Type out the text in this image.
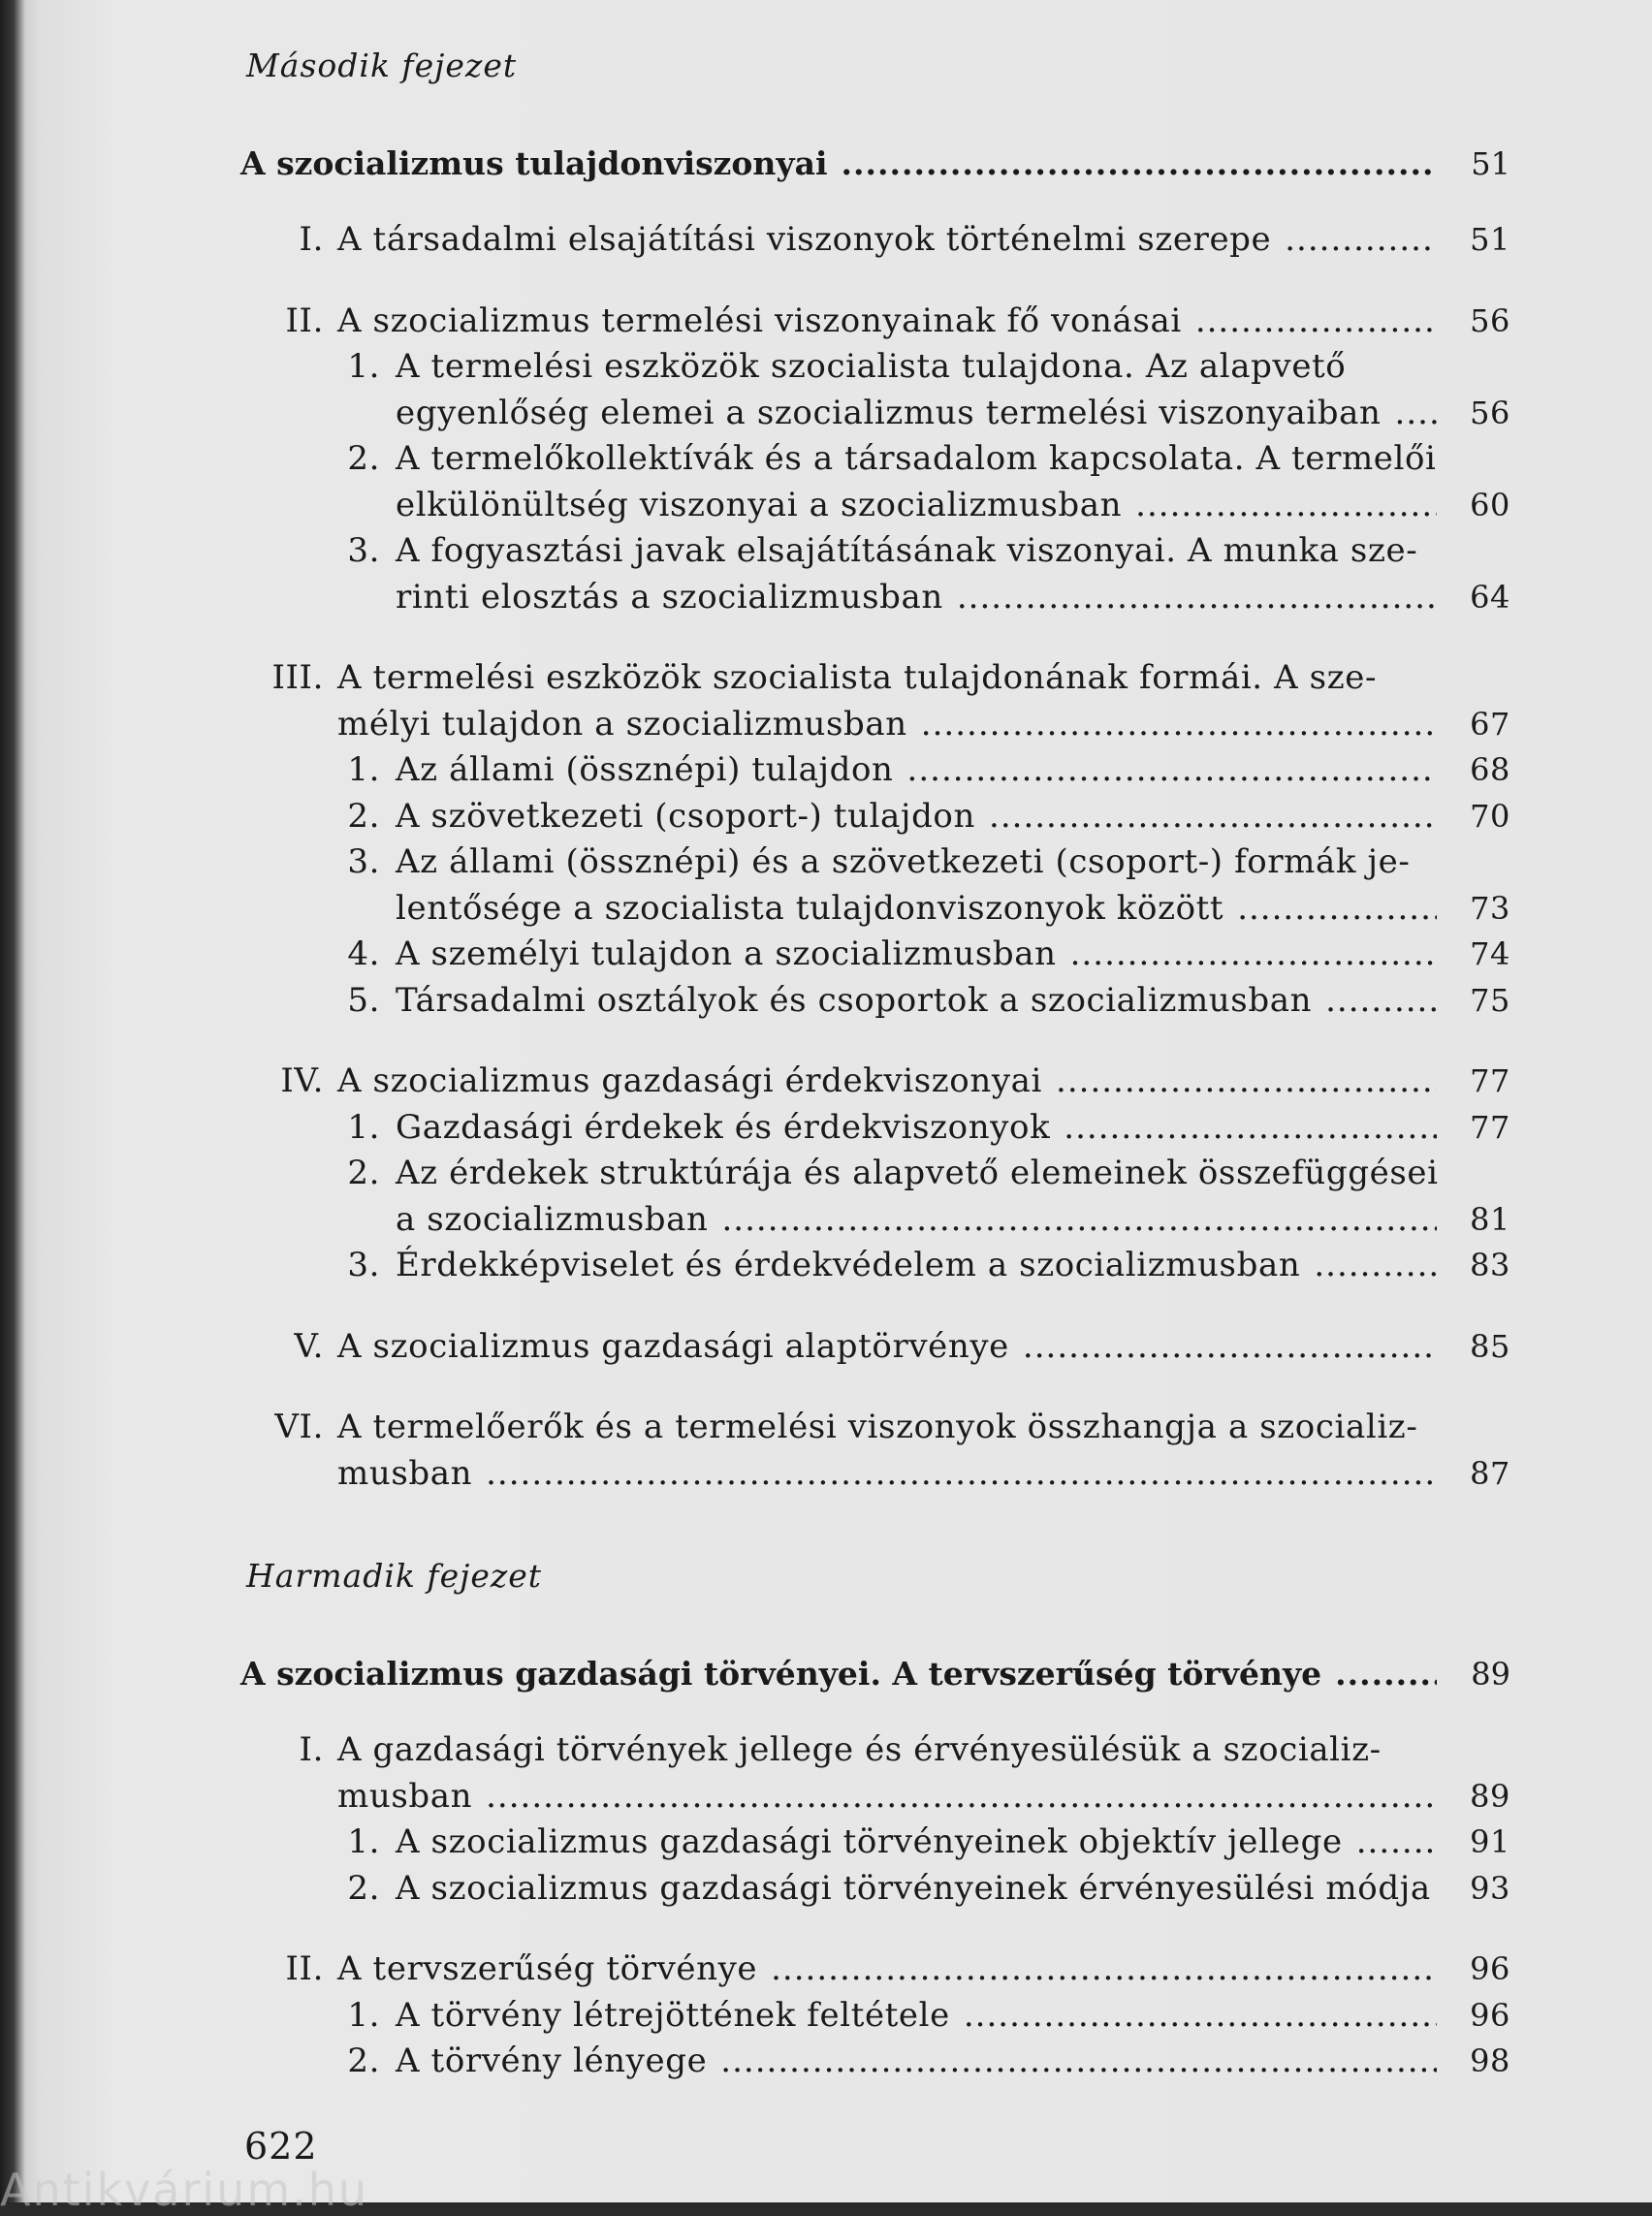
Második fejezet
A szocializmus tulajdonviszonyai .....	51
I. A társadalmi elsajátítási viszonyok történelmi szerepe .....	51
II. A szocializmus termelési viszonyainak fő vonásai .....	56
1. A termelési eszközök szocialista tulajdona. Az alapvető
egyenlőség elemei a szocializmus termelési viszonyaiban .....	56
2. A termelőkollektívák és a társadalom kapcsolata. A termelői
elkülönültség viszonyai a szocializmusban .....	60
3. A fogyasztási javak elsajátításának viszonyai. A munka sze-
rinti elosztás a szocializmusban .....	64
III. A termelési eszközök szocialista tulajdonának formái. A sze-
mélyi tulajdon a szocializmusban .....	67
1. Az állami (össznépi) tulajdon .....	68
2. A szövetkezeti (csoport-) tulajdon .....	70
3. Az állami (össznépi) és a szövetkezeti (csoport-) formák je-
lentősége a szocialista tulajdonviszonyok között .....	73
4. A személyi tulajdon a szocializmusban .....	74
5. Társadalmi osztályok és csoportok a szocializmusban .....	75
IV. A szocializmus gazdasági érdekviszonyai .....	77
1. Gazdasági érdekek és érdekviszonyok .....	77
2. Az érdekek struktúrája és alapvető elemeinek összefüggései
a szocializmusban .....	81
3. Érdekképviselet és érdekvédelem a szocializmusban .....	83
V. A szocializmus gazdasági alaptörvénye .....	85
VI. A termelőerők és a termelési viszonyok összhangja a szocializ-
musban .....	87
Harmadik fejezet
A szocializmus gazdasági törvényei. A tervszerűség törvénye .....	89
I. A gazdasági törvények jellege és érvényesülésük a szocializ-
musban .....	89
1. A szocializmus gazdasági törvényeinek objektív jellege .....	91
2. A szocializmus gazdasági törvényeinek érvényesülési módja	93
II. A tervszerűség törvénye .....	96
1. A törvény létrejöttének feltétele .....	96
2. A törvény lényege .....	98
622
Antikvárium.hu
